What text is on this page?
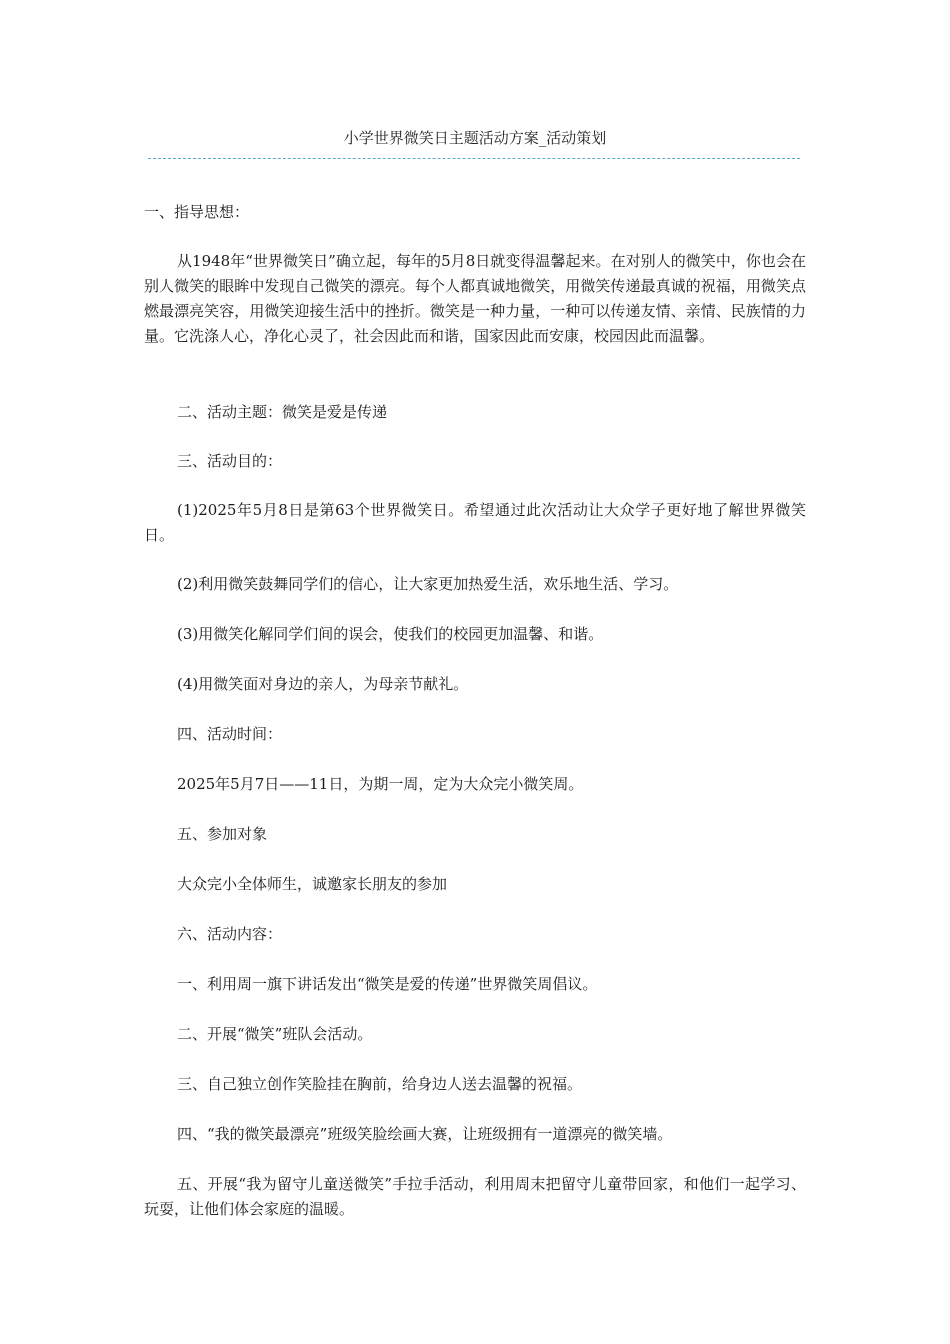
小学世界微笑日主题活动方案_活动策划

一、指导思想：

从1948年“世界微笑日”确立起，每年的5月8日就变得温馨起来。在对别人的微笑中，你也会在别人微笑的眼眸中发现自己微笑的漂亮。每个人都真诚地微笑，用微笑传递最真诚的祝福，用微笑点燃最漂亮笑容，用微笑迎接生活中的挫折。微笑是一种力量，一种可以传递友情、亲情、民族情的力量。它洗涤人心，净化心灵了，社会因此而和谐，国家因此而安康，校园因此而温馨。

二、活动主题：微笑是爱是传递

三、活动目的：

(1)2025年5月8日是第63个世界微笑日。希望通过此次活动让大众学子更好地了解世界微笑日。

(2)利用微笑鼓舞同学们的信心，让大家更加热爱生活，欢乐地生活、学习。

(3)用微笑化解同学们间的误会，使我们的校园更加温馨、和谐。

(4)用微笑面对身边的亲人，为母亲节献礼。

四、活动时间：

2025年5月7日——11日，为期一周，定为大众完小微笑周。

五、参加对象

大众完小全体师生，诚邀家长朋友的参加

六、活动内容：

一、利用周一旗下讲话发出“微笑是爱的传递”世界微笑周倡议。

二、开展“微笑”班队会活动。

三、自己独立创作笑脸挂在胸前，给身边人送去温馨的祝福。

四、“我的微笑最漂亮”班级笑脸绘画大赛，让班级拥有一道漂亮的微笑墙。

五、开展“我为留守儿童送微笑”手拉手活动，利用周末把留守儿童带回家，和他们一起学习、玩耍，让他们体会家庭的温暖。
